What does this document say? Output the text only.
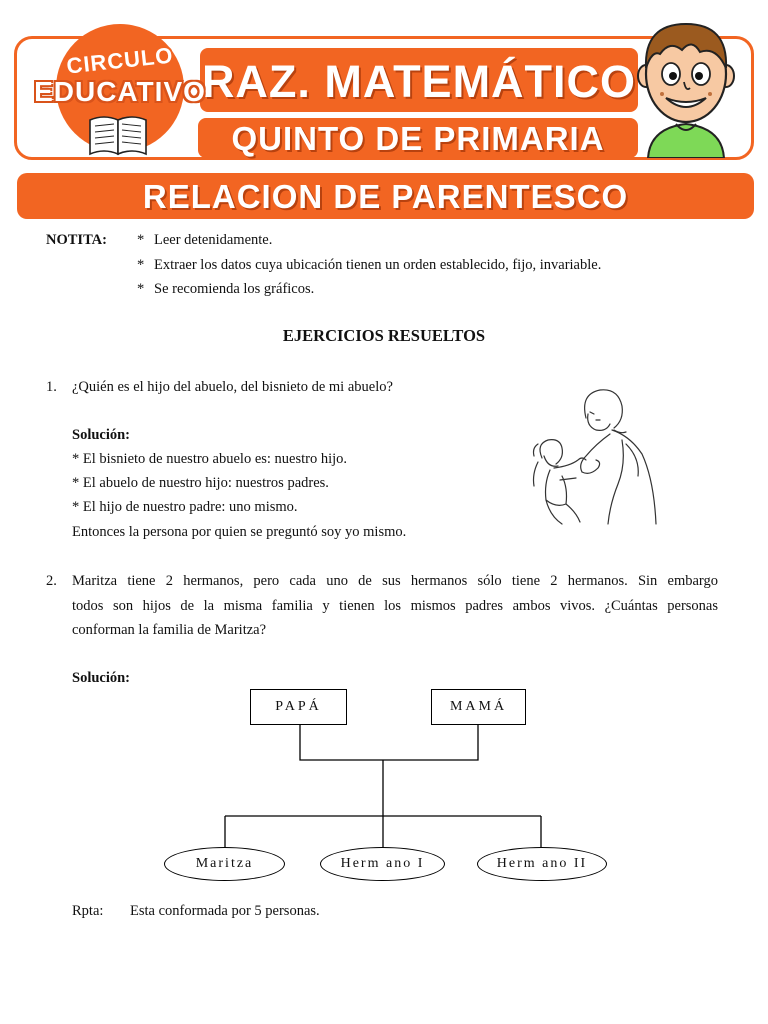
RAZ. MATEMÁTICO
QUINTO DE PRIMARIA
CIRCULO
EDUCATIVO
RELACION DE PARENTESCO
NOTITA: * Leer detenidamente.
* Extraer los datos cuya ubicación tienen un orden establecido, fijo, invariable.
* Se recomienda los gráficos.
EJERCICIOS RESUELTOS
1. ¿Quién es el hijo del abuelo, del bisnieto de mi abuelo?
Solución:
* El bisnieto de nuestro abuelo es: nuestro hijo.
* El abuelo de nuestro hijo: nuestros padres.
* El hijo de nuestro padre: uno mismo.
Entonces la persona por quien se preguntó soy yo mismo.
2. Maritza tiene 2 hermanos, pero cada uno de sus hermanos sólo tiene 2 hermanos. Sin embargo
todos son hijos de la misma familia y tienen los mismos padres ambos vivos. ¿Cuántas personas
conforman la familia de Maritza?
Solución:
PAPÁ	MAMÁ
Maritza	Herm ano I	Herm ano II
Rpta: Esta conformada por 5 personas.
